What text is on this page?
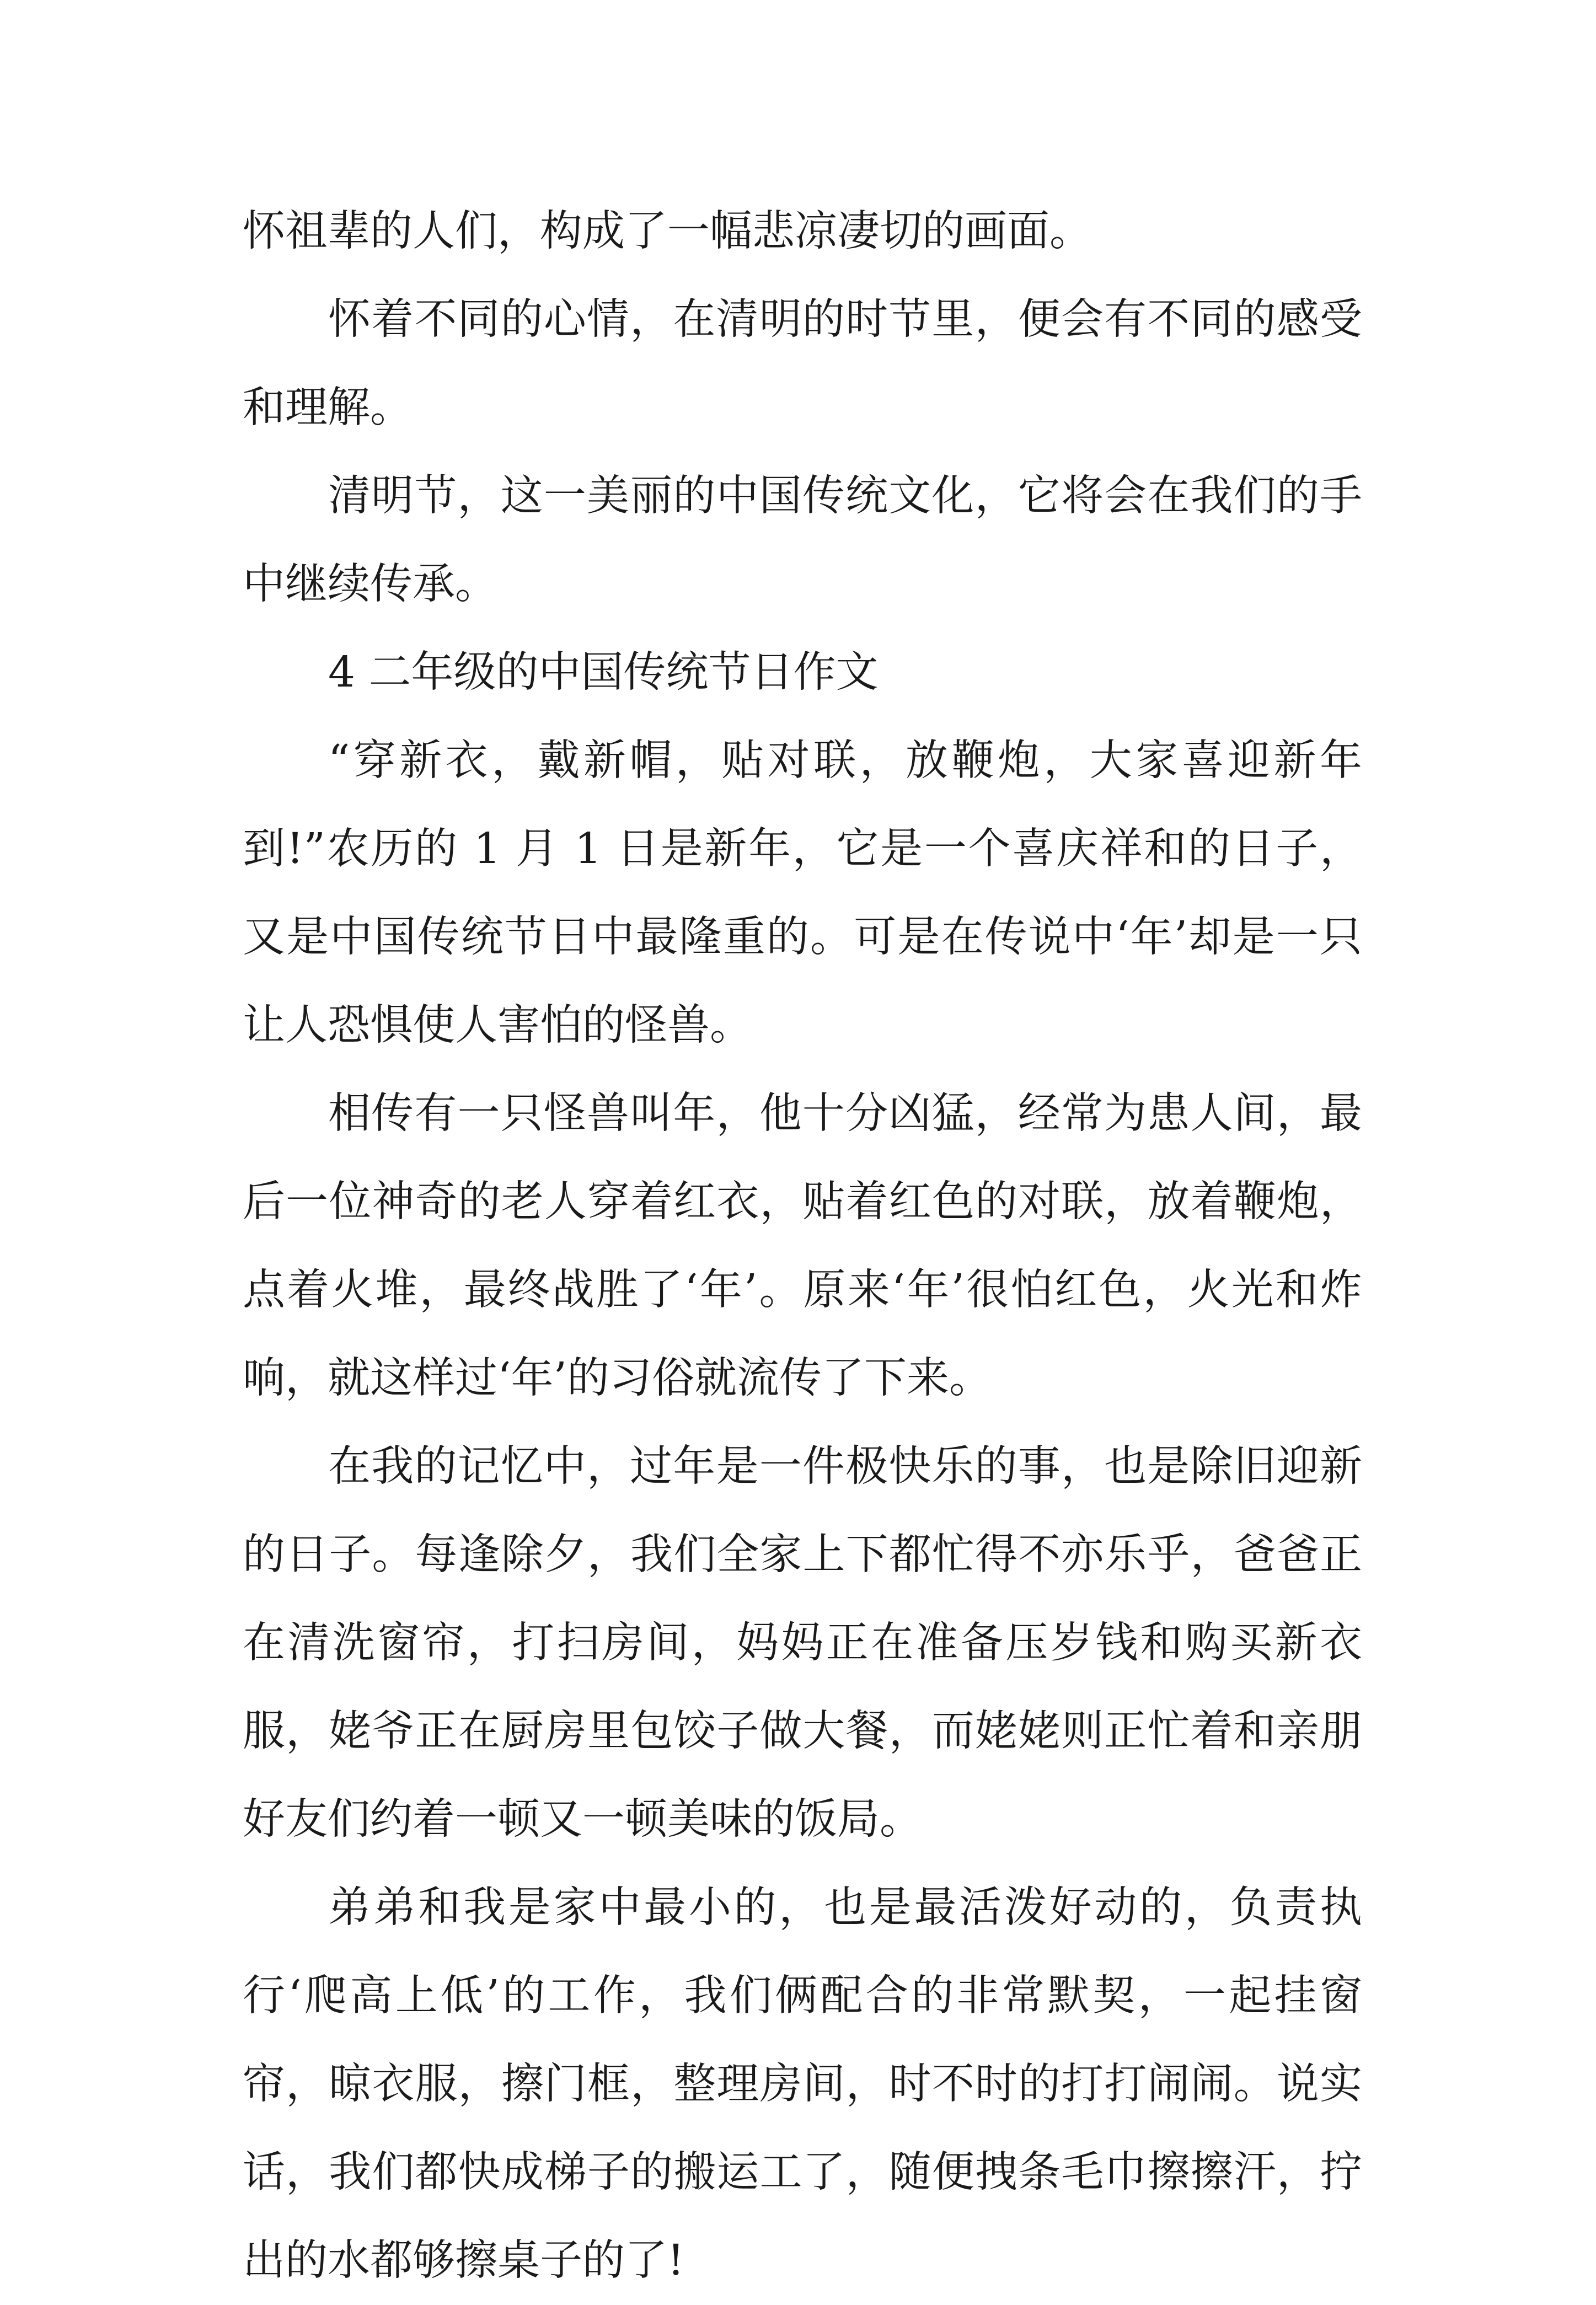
怀祖辈的人们，构成了一幅悲凉凄切的画面。

怀着不同的心情，在清明的时节里，便会有不同的感受和理解。

清明节，这一美丽的中国传统文化，它将会在我们的手中继续传承。

4 二年级的中国传统节日作文

“穿新衣，戴新帽，贴对联，放鞭炮，大家喜迎新年到!”农历的 1 月 1 日是新年，它是一个喜庆祥和的日子，又是中国传统节日中最隆重的。可是在传说中‘年’却是一只让人恐惧使人害怕的怪兽。

相传有一只怪兽叫年，他十分凶猛，经常为患人间，最后一位神奇的老人穿着红衣，贴着红色的对联，放着鞭炮，点着火堆，最终战胜了‘年’。原来‘年’很怕红色，火光和炸响，就这样过‘年’的习俗就流传了下来。

在我的记忆中，过年是一件极快乐的事，也是除旧迎新的日子。每逢除夕，我们全家上下都忙得不亦乐乎，爸爸正在清洗窗帘，打扫房间，妈妈正在准备压岁钱和购买新衣服，姥爷正在厨房里包饺子做大餐，而姥姥则正忙着和亲朋好友们约着一顿又一顿美味的饭局。

弟弟和我是家中最小的，也是最活泼好动的，负责执行‘爬高上低’的工作，我们俩配合的非常默契，一起挂窗帘，晾衣服，擦门框，整理房间，时不时的打打闹闹。说实话，我们都快成梯子的搬运工了，随便拽条毛巾擦擦汗，拧出的水都够擦桌子的了!
